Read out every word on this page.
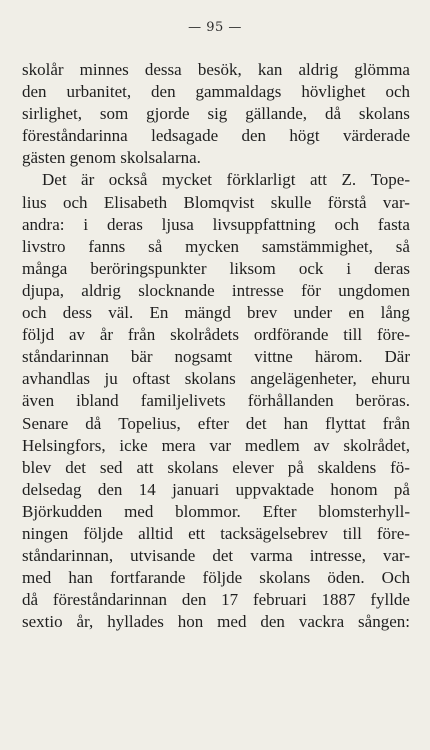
— 95 —
skolår minnes dessa besök, kan aldrig glömma
den urbanitet, den gammaldags hövlighet och
sirlighet, som gjorde sig gällande, då skolans
föreståndarinna ledsagade den högt värderade
gästen genom skolsalarna.
Det är också mycket förklarligt att Z. Tope-
lius och Elisabeth Blomqvist skulle förstå var-
andra: i deras ljusa livsuppfattning och fasta
livstro fanns så mycken samstämmighet, så
många beröringspunkter liksom ock i deras
djupa, aldrig slocknande intresse för ungdomen
och dess väl. En mängd brev under en lång
följd av år från skolrådets ordförande till före-
ståndarinnan bär nogsamt vittne härom. Där
avhandlas ju oftast skolans angelägenheter, ehuru
även ibland familjelivets förhållanden beröras.
Senare då Topelius, efter det han flyttat från
Helsingfors, icke mera var medlem av skolrådet,
blev det sed att skolans elever på skaldens fö-
delsedag den 14 januari uppvaktade honom på
Björkudden med blommor. Efter blomsterhyll-
ningen följde alltid ett tacksägelsebrev till före-
ståndarinnan, utvisande det varma intresse, var-
med han fortfarande följde skolans öden. Och
då föreståndarinnan den 17 februari 1887 fyllde
sextio år, hyllades hon med den vackra sången:
